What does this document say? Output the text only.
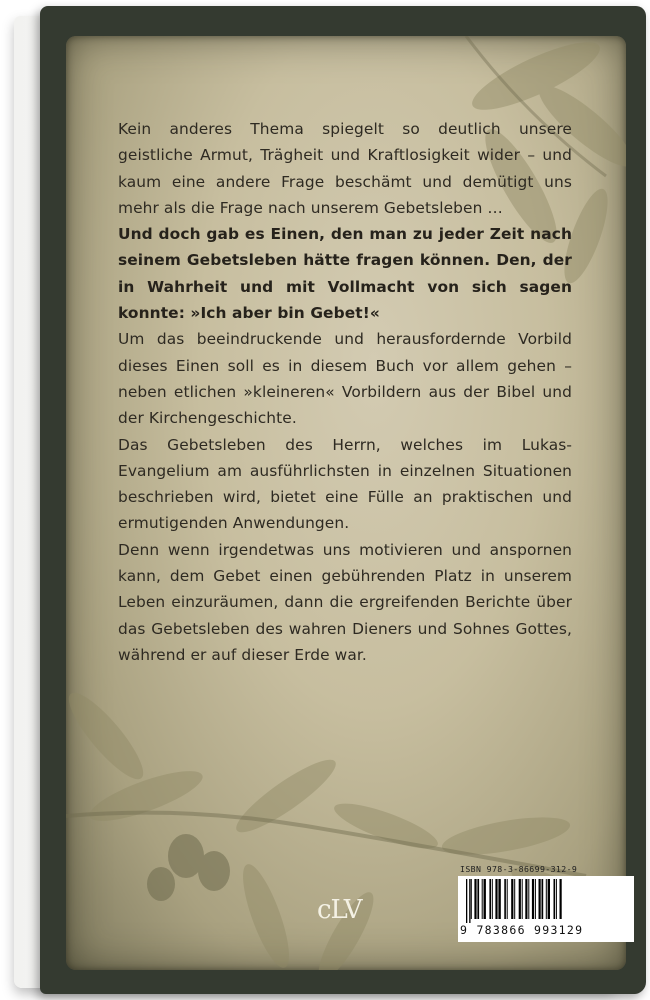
Kein anderes Thema spiegelt so deutlich unsere geistliche Armut, Trägheit und Kraftlosigkeit wider – und kaum eine andere Frage beschämt und demütigt uns mehr als die Frage nach unserem Gebetsleben …

Und doch gab es Einen, den man zu jeder Zeit nach seinem Gebetsleben hätte fragen können. Den, der in Wahrheit und mit Vollmacht von sich sagen konnte: »Ich aber bin Gebet!«

Um das beeindruckende und herausfordernde Vorbild dieses Einen soll es in diesem Buch vor allem gehen – neben etlichen »kleineren« Vorbildern aus der Bibel und der Kirchengeschichte.

Das Gebetsleben des Herrn, welches im Lukas-Evangelium am ausführlichsten in einzelnen Situationen beschrieben wird, bietet eine Fülle an praktischen und ermutigenden Anwendungen.

Denn wenn irgendetwas uns motivieren und anspornen kann, dem Gebet einen gebührenden Platz in unserem Leben einzuräumen, dann die ergreifenden Berichte über das Gebetsleben des wahren Dieners und Sohnes Gottes, während er auf dieser Erde war.

cLV
ISBN 978-3-86699-312-9
9 783866 993129
